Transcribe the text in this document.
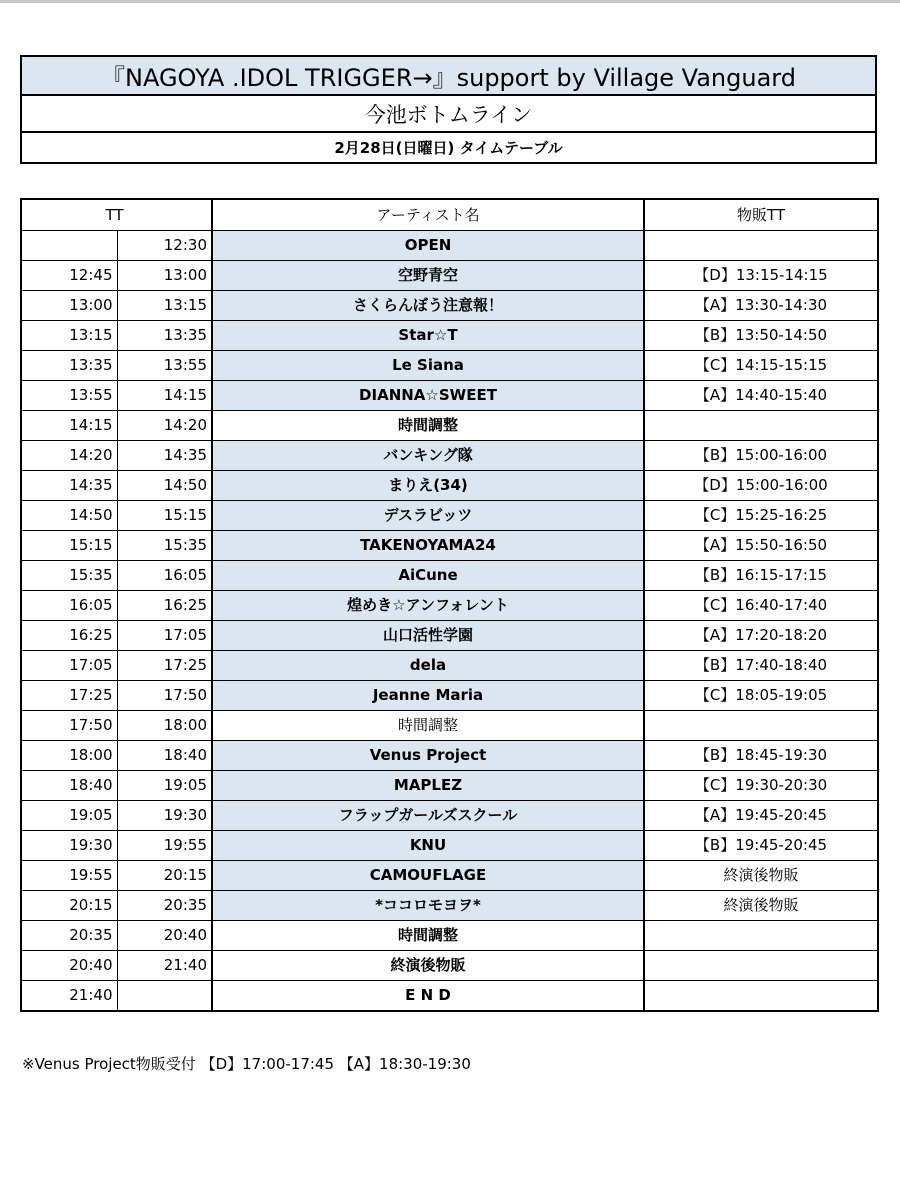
『NAGOYA .IDOL TRIGGER→』support by Village Vanguard
今池ボトムライン
2月28日(日曜日) タイムテーブル
TT		アーティスト名	物販TT
	12:30	OPEN	
12:45	13:00	空野青空	【D】13:15-14:15
13:00	13:15	さくらんぼう注意報！	【A】13:30-14:30
13:15	13:35	Star☆T	【B】13:50-14:50
13:35	13:55	Le Siana	【C】14:15-15:15
13:55	14:15	DIANNA☆SWEET	【A】14:40-15:40
14:15	14:20	時間調整	
14:20	14:35	バンキング隊	【B】15:00-16:00
14:35	14:50	まりえ(34)	【D】15:00-16:00
14:50	15:15	デスラビッツ	【C】15:25-16:25
15:15	15:35	TAKENOYAMA24	【A】15:50-16:50
15:35	16:05	AiCune	【B】16:15-17:15
16:05	16:25	煌めき☆アンフォレント	【C】16:40-17:40
16:25	17:05	山口活性学園	【A】17:20-18:20
17:05	17:25	dela	【B】17:40-18:40
17:25	17:50	Jeanne Maria	【C】18:05-19:05
17:50	18:00	時間調整	
18:00	18:40	Venus Project	【B】18:45-19:30
18:40	19:05	MAPLEZ	【C】19:30-20:30
19:05	19:30	フラップガールズスクール	【A】19:45-20:45
19:30	19:55	KNU	【B】19:45-20:45
19:55	20:15	CAMOUFLAGE	終演後物販
20:15	20:35	*ココロモヨヲ*	終演後物販
20:35	20:40	時間調整	
20:40	21:40	終演後物販	
21:40		E N D	
※Venus Project物販受付 【D】17:00-17:45 【A】18:30-19:30
